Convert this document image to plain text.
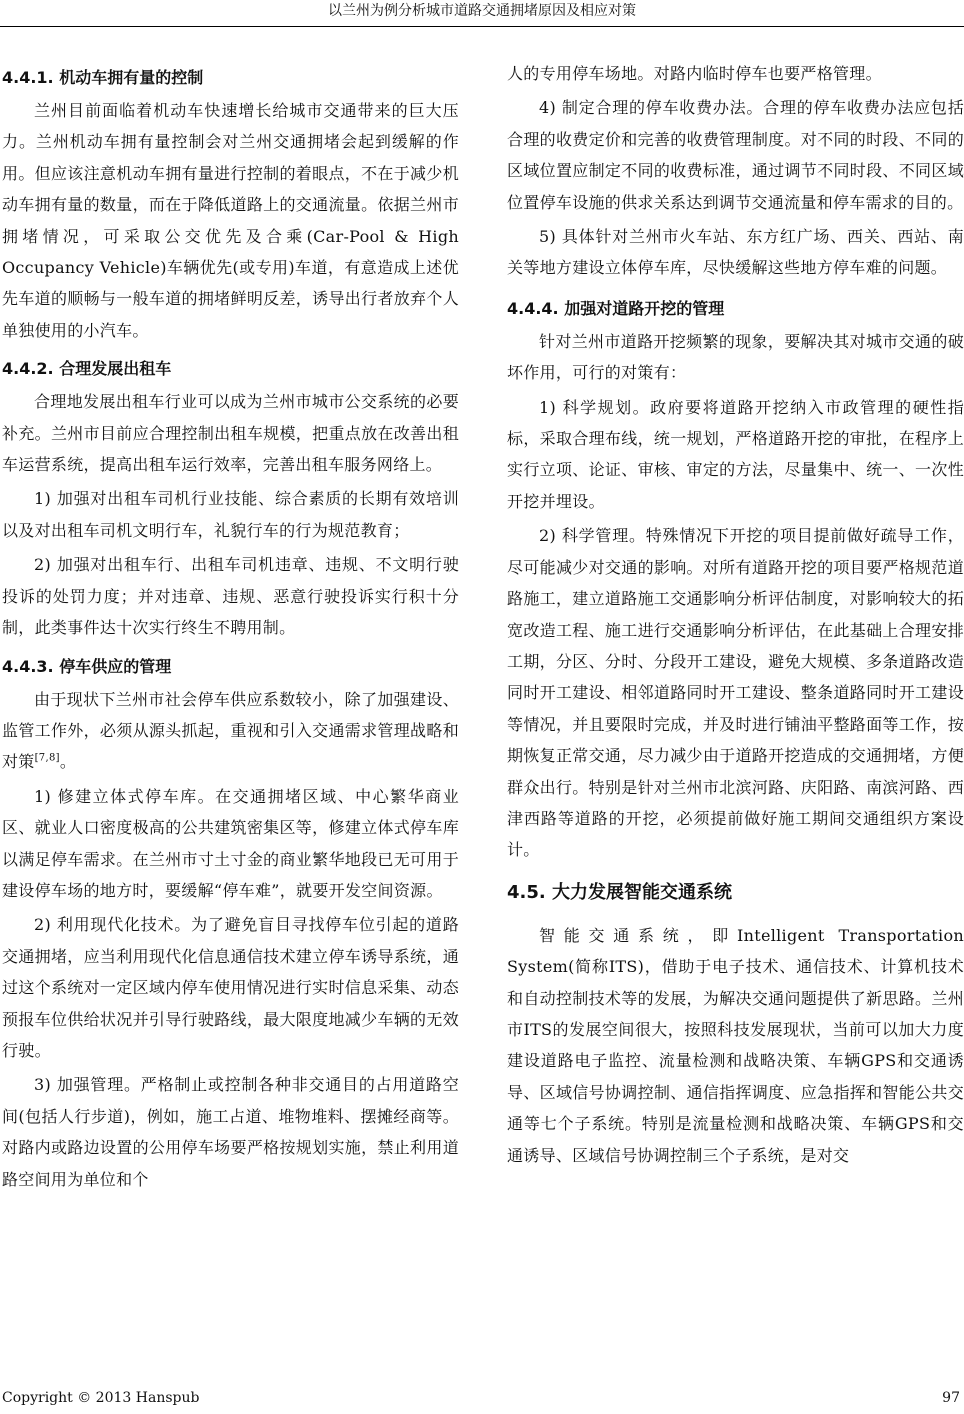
以兰州为例分析城市道路交通拥堵原因及相应对策
4.4.1. 机动车拥有量的控制

兰州目前面临着机动车快速增长给城市交通带来的巨大压力。兰州机动车拥有量控制会对兰州交通拥堵会起到缓解的作用。但应该注意机动车拥有量进行控制的着眼点，不在于减少机动车拥有量的数量，而在于降低道路上的交通流量。依据兰州市拥堵情况，可采取公交优先及合乘(Car-Pool & High Occupancy Vehicle)车辆优先(或专用)车道，有意造成上述优先车道的顺畅与一般车道的拥堵鲜明反差，诱导出行者放弃个人单独使用的小汽车。

4.4.2. 合理发展出租车

合理地发展出租车行业可以成为兰州市城市公交系统的必要补充。兰州市目前应合理控制出租车规模，把重点放在改善出租车运营系统，提高出租车运行效率，完善出租车服务网络上。

1) 加强对出租车司机行业技能、综合素质的长期有效培训以及对出租车司机文明行车，礼貌行车的行为规范教育；

2) 加强对出租车行、出租车司机违章、违规、不文明行驶投诉的处罚力度；并对违章、违规、恶意行驶投诉实行积十分制，此类事件达十次实行终生不聘用制。

4.4.3. 停车供应的管理

由于现状下兰州市社会停车供应系数较小，除了加强建设、监管工作外，必须从源头抓起，重视和引入交通需求管理战略和对策[7,8]。

1) 修建立体式停车库。在交通拥堵区域、中心繁华商业区、就业人口密度极高的公共建筑密集区等，修建立体式停车库以满足停车需求。在兰州市寸土寸金的商业繁华地段已无可用于建设停车场的地方时，要缓解“停车难”，就要开发空间资源。

2) 利用现代化技术。为了避免盲目寻找停车位引起的道路交通拥堵，应当利用现代化信息通信技术建立停车诱导系统，通过这个系统对一定区域内停车使用情况进行实时信息采集、动态预报车位供给状况并引导行驶路线，最大限度地减少车辆的无效行驶。

3) 加强管理。严格制止或控制各种非交通目的占用道路空间(包括人行步道)，例如，施工占道、堆物堆料、摆摊经商等。对路内或路边设置的公用停车场要严格按规划实施，禁止利用道路空间用为单位和个

人的专用停车场地。对路内临时停车也要严格管理。

4) 制定合理的停车收费办法。合理的停车收费办法应包括合理的收费定价和完善的收费管理制度。对不同的时段、不同的区域位置应制定不同的收费标准，通过调节不同时段、不同区域位置停车设施的供求关系达到调节交通流量和停车需求的目的。

5) 具体针对兰州市火车站、东方红广场、西关、西站、南关等地方建设立体停车库，尽快缓解这些地方停车难的问题。

4.4.4. 加强对道路开挖的管理

针对兰州市道路开挖频繁的现象，要解决其对城市交通的破坏作用，可行的对策有：

1) 科学规划。政府要将道路开挖纳入市政管理的硬性指标，采取合理布线，统一规划，严格道路开挖的审批，在程序上实行立项、论证、审核、审定的方法，尽量集中、统一、一次性开挖并埋设。

2) 科学管理。特殊情况下开挖的项目提前做好疏导工作，尽可能减少对交通的影响。对所有道路开挖的项目要严格规范道路施工，建立道路施工交通影响分析评估制度，对影响较大的拓宽改造工程、施工进行交通影响分析评估，在此基础上合理安排工期，分区、分时、分段开工建设，避免大规模、多条道路改造同时开工建设、相邻道路同时开工建设、整条道路同时开工建设等情况，并且要限时完成，并及时进行铺油平整路面等工作，按期恢复正常交通，尽力减少由于道路开挖造成的交通拥堵，方便群众出行。特别是针对兰州市北滨河路、庆阳路、南滨河路、西津西路等道路的开挖，必须提前做好施工期间交通组织方案设计。

4.5. 大力发展智能交通系统

智能交通系统，即Intelligent Transportation System(简称ITS)，借助于电子技术、通信技术、计算机技术和自动控制技术等的发展，为解决交通问题提供了新思路。兰州市ITS的发展空间很大，按照科技发展现状，当前可以加大力度建设道路电子监控、流量检测和战略决策、车辆GPS和交通诱导、区域信号协调控制、通信指挥调度、应急指挥和智能公共交通等七个子系统。特别是流量检测和战略决策、车辆GPS和交通诱导、区域信号协调控制三个子系统，是对交

Copyright © 2013 Hanspub	97
